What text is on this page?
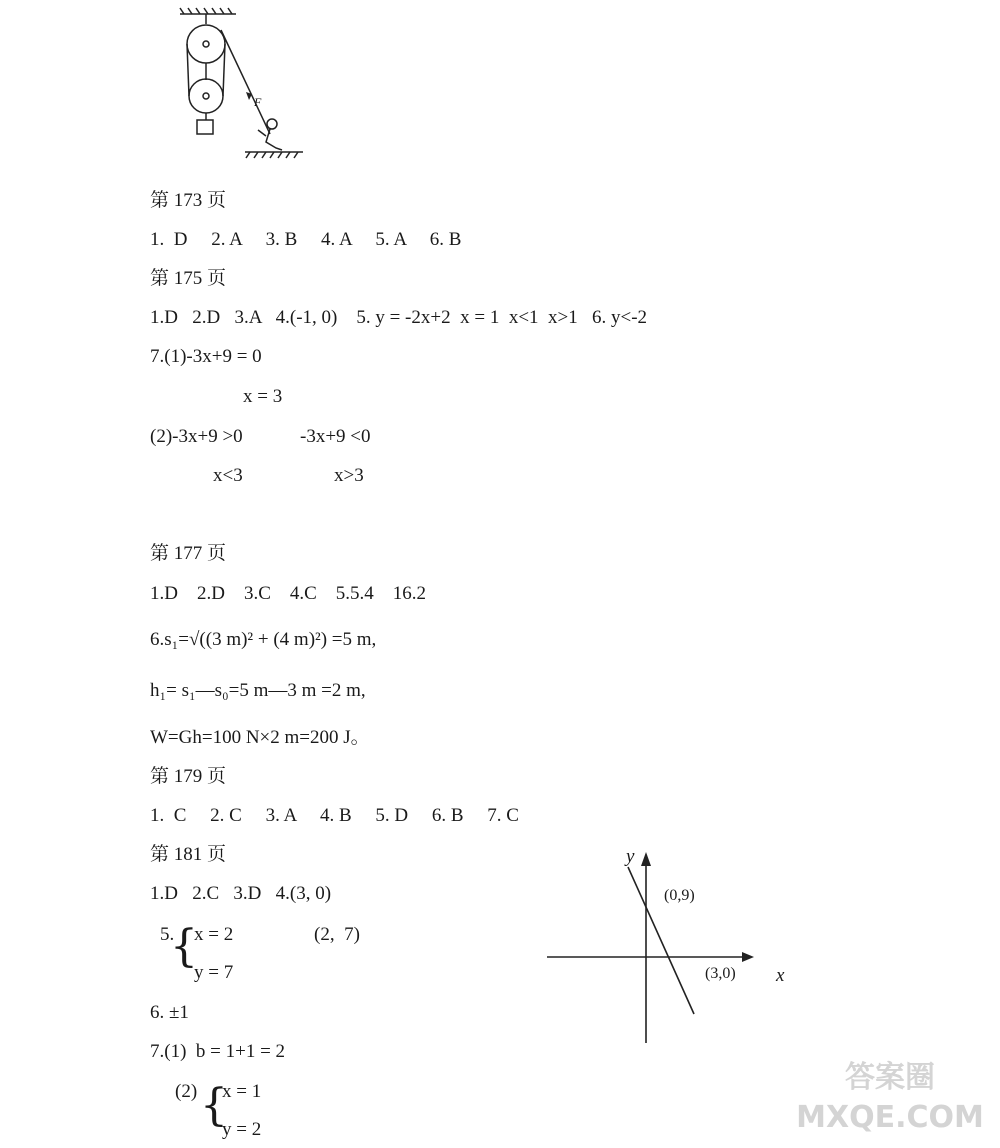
F
第 173 页
1.  D     2. A     3. B     4. A     5. A     6. B
第 175 页
1.D   2.D   3.A   4.(-1, 0)    5. y = -2x+2  x = 1  x<1  x>1   6. y<-2
7.(1)-3x+9 = 0
x = 3
(2)-3x+9 >0	-3x+9 <0
x<3	x>3
第 177 页
1.D    2.D    3.C    4.C    5.5.4    16.2
6.s₁=√((3 m)² + (4 m)²) =5 m,
h₁= s₁—s₀=5 m—3 m =2 m,
W=Gh=100 N×2 m=200 J。
第 179 页
1.  C     2. C     3. A     4. B     5. D     6. B     7. C
第 181 页
1.D   2.C   3.D   4.(3, 0)
5.
{
x = 2
y = 7
(2,  7)
6. ±1
7.(1)  b = 1+1 = 2
(2) {
x = 1
y = 2
y
x
(0,9)
(3,0)
答案圈 MXQE.COM
